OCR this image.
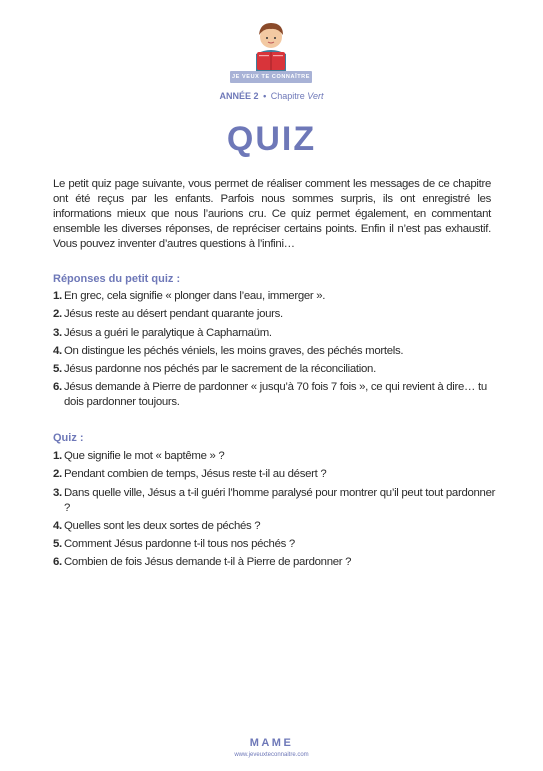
JE VEUX TE CONNAÎTRE
ANNÉE 2 • Chapitre Vert
QUIZ

Le petit quiz page suivante, vous permet de réaliser comment les messages de ce chapitre ont été reçus par les enfants. Parfois nous sommes surpris, ils ont enregistré les informations mieux que nous l’aurions cru. Ce quiz permet également, en commentant ensemble les diverses réponses, de repréciser certains points. Enfin il n’est pas exhaustif. Vous pouvez inventer d’autres questions à l’infini…

Réponses du petit quiz :
1. En grec, cela signifie « plonger dans l’eau, immerger ».
2. Jésus reste au désert pendant quarante jours.
3. Jésus a guéri le paralytique à Capharnaüm.
4. On distingue les péchés véniels, les moins graves, des péchés mortels.
5. Jésus pardonne nos péchés par le sacrement de la réconciliation.
6. Jésus demande à Pierre de pardonner « jusqu’à 70 fois 7 fois », ce qui revient à dire… tu dois pardonner toujours.
Quiz :
1. Que signifie le mot « baptême » ?
2. Pendant combien de temps, Jésus reste t-il au désert ?
3. Dans quelle ville, Jésus a t-il guéri l’homme paralysé pour montrer qu’il peut tout pardonner ?
4. Quelles sont les deux sortes de péchés ?
5. Comment Jésus pardonne t-il tous nos péchés ?
6. Combien de fois Jésus demande t-il à Pierre de pardonner ?
MAME
www.jeveuxteconnaitre.com
